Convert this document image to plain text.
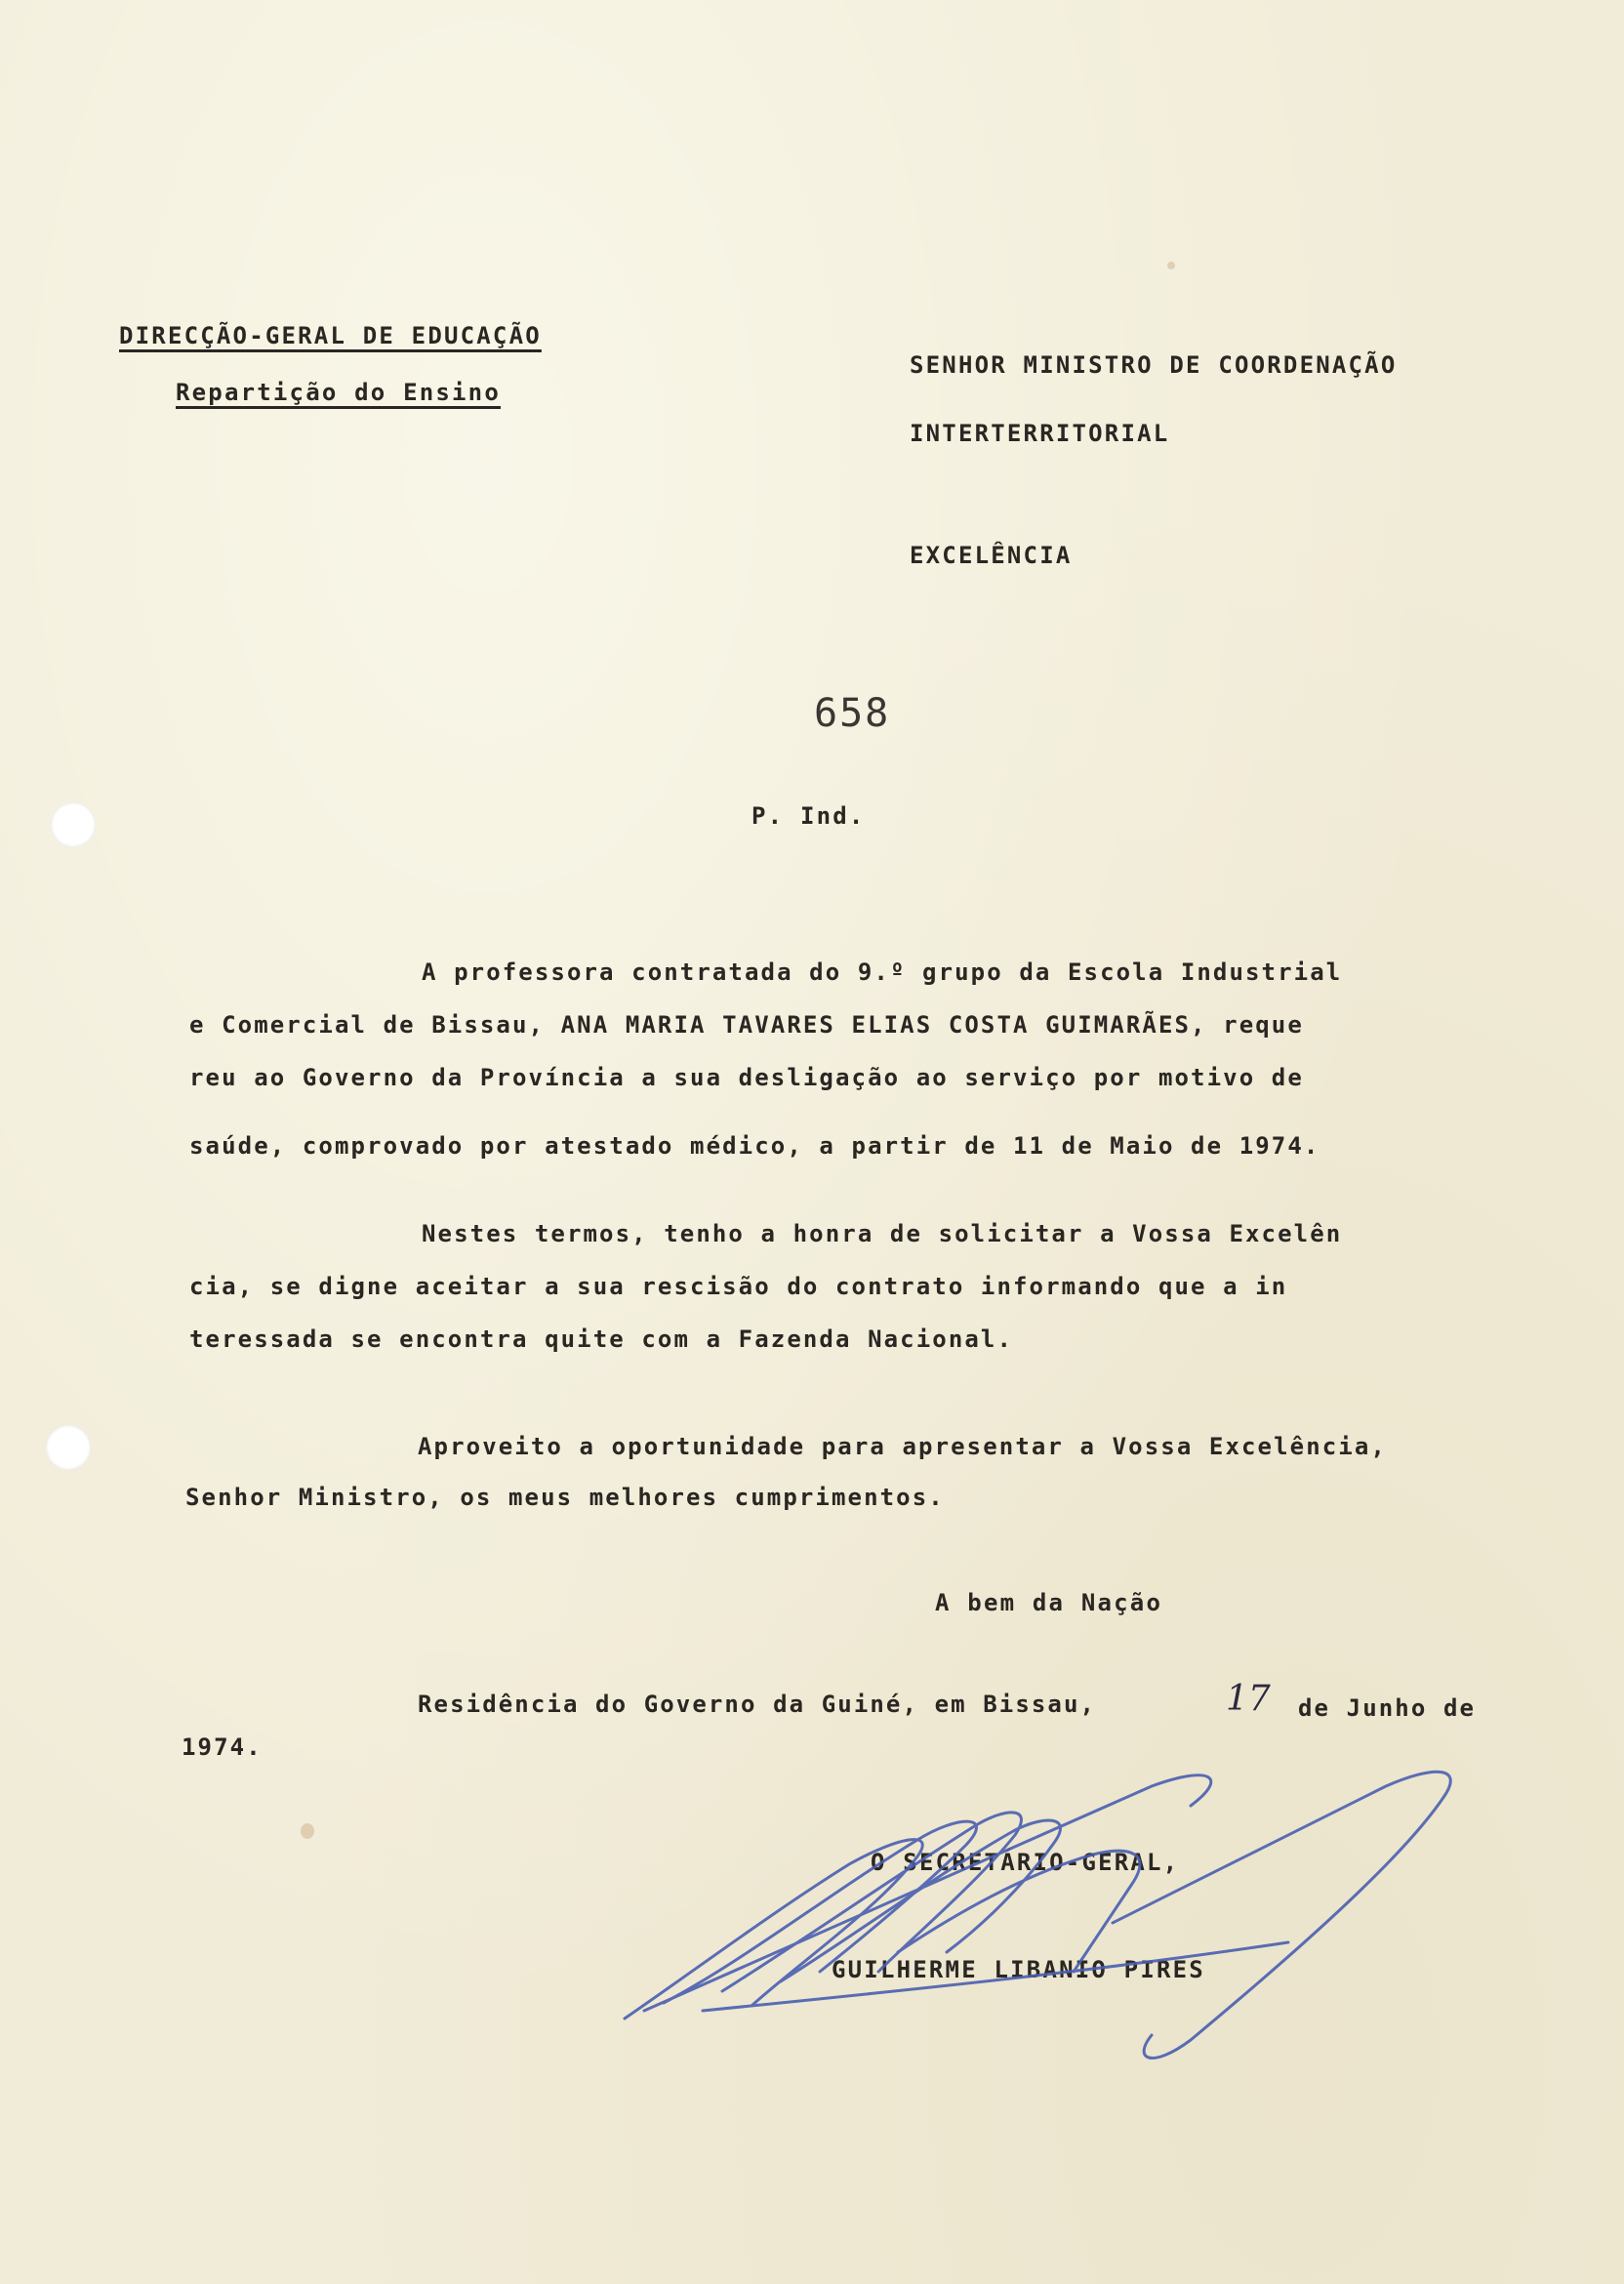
DIRECÇÃO-GERAL DE EDUCAÇÃO
Repartição do Ensino
SENHOR MINISTRO DE COORDENAÇÃO
INTERTERRITORIAL
EXCELÊNCIA
658
P. Ind.
A professora contratada do 9.º grupo da Escola Industrial
e Comercial de Bissau, ANA MARIA TAVARES ELIAS COSTA GUIMARÃES, reque
reu ao Governo da Província a sua desligação ao serviço por motivo de
saúde, comprovado por atestado médico, a partir de 11 de Maio de 1974.
Nestes termos, tenho a honra de solicitar a Vossa Excelên
cia, se digne aceitar a sua rescisão do contrato informando que a in
teressada se encontra quite com a Fazenda Nacional.
Aproveito a oportunidade para apresentar a Vossa Excelência,
Senhor Ministro, os meus melhores cumprimentos.
A bem da Nação
Residência do Governo da Guiné, em Bissau,	17 de Junho de
1974.
O SECRETÁRIO-GERAL,
GUILHERME LIBANIO PIRES
